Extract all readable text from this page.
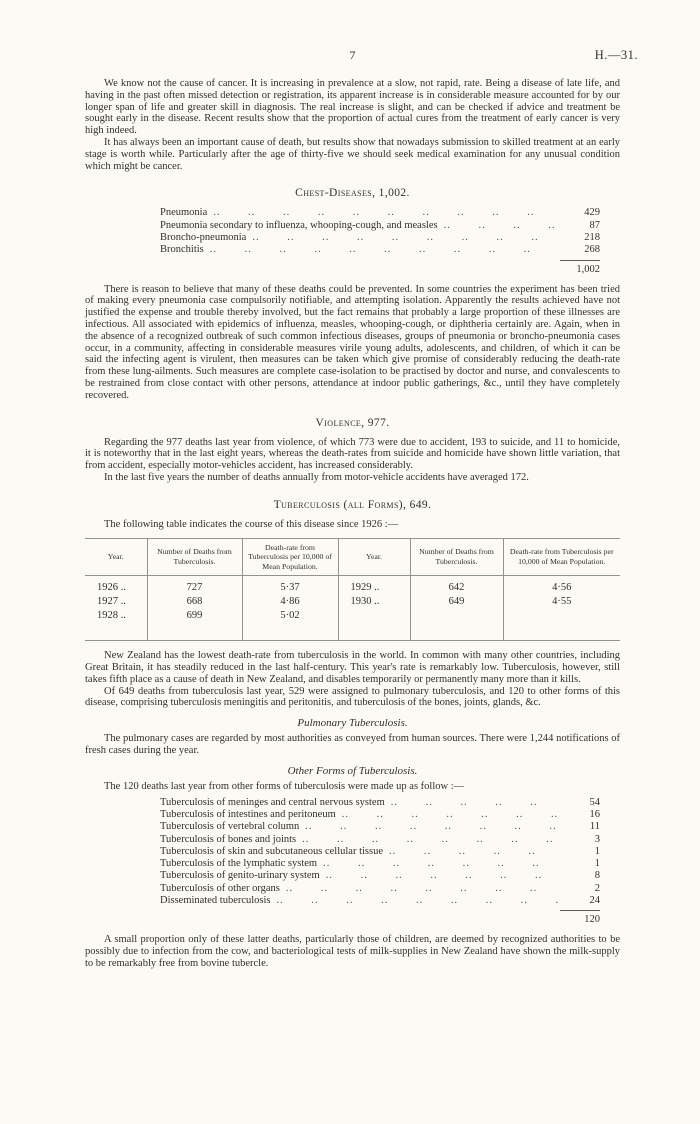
7	H.—31.

We know not the cause of cancer. It is increasing in prevalence at a slow, not rapid, rate. Being a disease of late life, and having in the past often missed detection or registration, its apparent increase is in considerable measure accounted for by our longer span of life and greater skill in diagnosis. The real increase is slight, and can be checked if advice and treatment be sought early in the disease. Recent results show that the proportion of actual cures from the treatment of early cancer is very high indeed.

It has always been an important cause of death, but results show that nowadays submission to skilled treatment at an early stage is worth while. Particularly after the age of thirty-five we should seek medical examination for any unusual condition which might be cancer.

Chest-Diseases, 1,002.
Pneumonia .. ..	429
Pneumonia secondary to influenza, whooping-cough, and measles .. ..	87
Broncho-pneumonia .. ..	218
Bronchitis .. ..	268
1,002

There is reason to believe that many of these deaths could be prevented. In some countries the experiment has been tried of making every pneumonia case compulsorily notifiable, and attempting isolation. Apparently the results achieved have not justified the expense and trouble thereby involved, but the fact remains that probably a large proportion of these illnesses are infectious. All associated with epidemics of influenza, measles, whooping-cough, or diphtheria certainly are. Again, when in the absence of a recognized outbreak of such common infectious diseases, groups of pneumonia or broncho-pneumonia cases occur, in a community, affecting in considerable measures virile young adults, adolescents, and children, of which it can be said the infecting agent is virulent, then measures can be taken which give promise of considerably reducing the death-rate from these lung-ailments. Such measures are complete case-isolation to be practised by doctor and nurse, and convalescents to be restrained from close contact with other persons, attendance at indoor public gatherings, &c., until they have completely recovered.

Violence, 977.

Regarding the 977 deaths last year from violence, of which 773 were due to accident, 193 to suicide, and 11 to homicide, it is noteworthy that in the last eight years, whereas the death-rates from suicide and homicide have shown little variation, that from accident, especially motor-vehicles accident, has increased considerably.

In the last five years the number of deaths annually from motor-vehicle accidents have averaged 172.

Tuberculosis (all Forms), 649.

The following table indicates the course of this disease since 1926 :—

Year.	Number of Deaths from Tuberculosis.	Death-rate from Tuberculosis per 10,000 of Mean Population.	Year.	Number of Deaths from Tuberculosis.	Death-rate from Tuberculosis per 10,000 of Mean Population.
1926 ..	727	5·37	1929 ..	642	4·56
1927 ..	668	4·86	1930 ..	649	4·55
1928 ..	699	5·02			

New Zealand has the lowest death-rate from tuberculosis in the world. In common with many other countries, including Great Britain, it has steadily reduced in the last half-century. This year's rate is remarkably low. Tuberculosis, however, still takes fifth place as a cause of death in New Zealand, and disables temporarily or permanently many more than it kills.

Of 649 deaths from tuberculosis last year, 529 were assigned to pulmonary tuberculosis, and 120 to other forms of this disease, comprising tuberculosis meningitis and peritonitis, and tuberculosis of the bones, joints, glands, &c.

Pulmonary Tuberculosis.

The pulmonary cases are regarded by most authorities as conveyed from human sources. There were 1,244 notifications of fresh cases during the year.

Other Forms of Tuberculosis.

The 120 deaths last year from other forms of tuberculosis were made up as follow :—

Tuberculosis of meninges and central nervous system .. ..	54
Tuberculosis of intestines and peritoneum .. ..	16
Tuberculosis of vertebral column .. ..	11
Tuberculosis of bones and joints .. ..	3
Tuberculosis of skin and subcutaneous cellular tissue .. ..	1
Tuberculosis of the lymphatic system .. ..	1
Tuberculosis of genito-urinary system .. ..	8
Tuberculosis of other organs .. ..	2
Disseminated tuberculosis .. ..	24
120

A small proportion only of these latter deaths, particularly those of children, are deemed by recognized authorities to be possibly due to infection from the cow, and bacteriological tests of milk-supplies in New Zealand have shown the milk-supply to be remarkably free from bovine tubercle.
